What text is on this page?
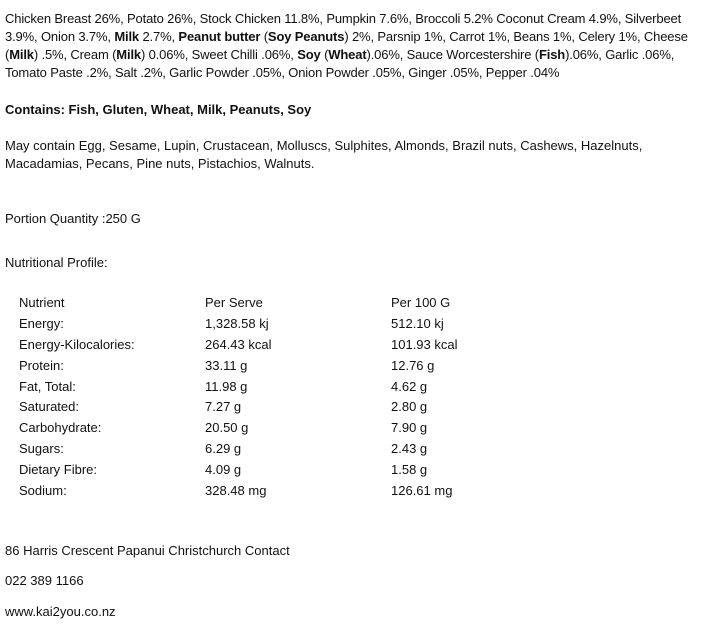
Chicken Breast 26%, Potato 26%, Stock Chicken 11.8%, Pumpkin 7.6%, Broccoli 5.2% Coconut Cream 4.9%, Silverbeet 3.9%, Onion 3.7%, Milk 2.7%, Peanut butter (Soy Peanuts) 2%, Parsnip 1%, Carrot 1%, Beans 1%, Celery 1%, Cheese (Milk) .5%, Cream (Milk) 0.06%, Sweet Chilli .06%, Soy (Wheat).06%, Sauce Worcestershire (Fish).06%, Garlic .06%, Tomato Paste .2%, Salt .2%, Garlic Powder .05%, Onion Powder .05%, Ginger .05%, Pepper .04%
Contains: Fish, Gluten, Wheat, Milk, Peanuts, Soy
May contain Egg, Sesame, Lupin, Crustacean, Molluscs, Sulphites, Almonds, Brazil nuts, Cashews, Hazelnuts, Macadamias, Pecans, Pine nuts, Pistachios, Walnuts.
Portion Quantity :250 G
Nutritional Profile:
Nutrient	Per Serve	Per 100 G
Energy:	1,328.58 kj	512.10 kj
Energy-Kilocalories:	264.43 kcal	101.93 kcal
Protein:	33.11 g	12.76 g
Fat, Total:	11.98 g	4.62 g
Saturated:	7.27 g	2.80 g
Carbohydrate:	20.50 g	7.90 g
Sugars:	6.29 g	2.43 g
Dietary Fibre:	4.09 g	1.58 g
Sodium:	328.48 mg	126.61 mg
86 Harris Crescent Papanui Christchurch Contact
022 389 1166
www.kai2you.co.nz
